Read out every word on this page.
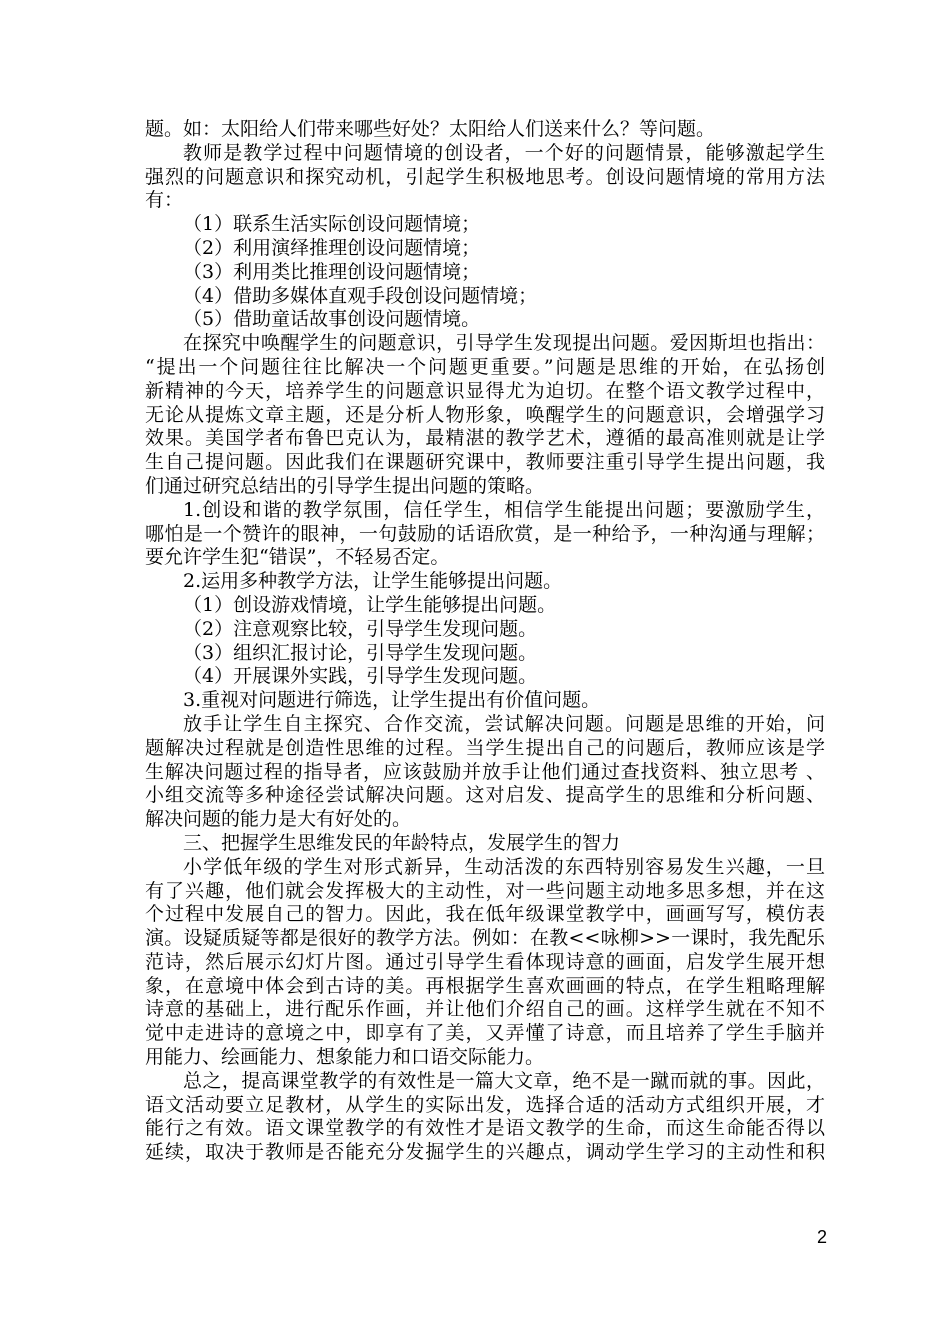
题。如：太阳给人们带来哪些好处？太阳给人们送来什么？等问题。
教师是教学过程中问题情境的创设者，一个好的问题情景，能够激起学生
强烈的问题意识和探究动机，引起学生积极地思考。创设问题情境的常用方法
有：
（1）联系生活实际创设问题情境；
（2）利用演绎推理创设问题情境；
（3）利用类比推理创设问题情境；
（4）借助多媒体直观手段创设问题情境；
（5）借助童话故事创设问题情境。
在探究中唤醒学生的问题意识，引导学生发现提出问题。爱因斯坦也指出：
“提出一个问题往往比解决一个问题更重要。”问题是思维的开始，在弘扬创
新精神的今天，培养学生的问题意识显得尤为迫切。在整个语文教学过程中，
无论从提炼文章主题，还是分析人物形象，唤醒学生的问题意识，会增强学习
效果。美国学者布鲁巴克认为，最精湛的教学艺术，遵循的最高准则就是让学
生自己提问题。因此我们在课题研究课中，教师要注重引导学生提出问题，我
们通过研究总结出的引导学生提出问题的策略。
1.创设和谐的教学氛围，信任学生，相信学生能提出问题；要激励学生，
哪怕是一个赞许的眼神，一句鼓励的话语欣赏，是一种给予，一种沟通与理解；
要允许学生犯“错误”，不轻易否定。
2.运用多种教学方法，让学生能够提出问题。
（1）创设游戏情境，让学生能够提出问题。
（2）注意观察比较，引导学生发现问题。
（3）组织汇报讨论，引导学生发现问题。
（4）开展课外实践，引导学生发现问题。
3.重视对问题进行筛选，让学生提出有价值问题。
放手让学生自主探究、合作交流，尝试解决问题。问题是思维的开始，问
题解决过程就是创造性思维的过程。当学生提出自己的问题后，教师应该是学
生解决问题过程的指导者，应该鼓励并放手让他们通过查找资料、独立思考 、
小组交流等多种途径尝试解决问题。这对启发、提高学生的思维和分析问题、
解决问题的能力是大有好处的。
三、把握学生思维发民的年龄特点，发展学生的智力
小学低年级的学生对形式新异，生动活泼的东西特别容易发生兴趣，一旦
有了兴趣，他们就会发挥极大的主动性，对一些问题主动地多思多想，并在这
个过程中发展自己的智力。因此，我在低年级课堂教学中，画画写写，模仿表
演。设疑质疑等都是很好的教学方法。例如：在教<<咏柳>>一课时，我先配乐
范诗，然后展示幻灯片图。通过引导学生看体现诗意的画面，启发学生展开想
象，在意境中体会到古诗的美。再根据学生喜欢画画的特点，在学生粗略理解
诗意的基础上，进行配乐作画，并让他们介绍自己的画。这样学生就在不知不
觉中走进诗的意境之中，即享有了美，又弄懂了诗意，而且培养了学生手脑并
用能力、绘画能力、想象能力和口语交际能力。
总之，提高课堂教学的有效性是一篇大文章，绝不是一蹴而就的事。因此，
语文活动要立足教材，从学生的实际出发，选择合适的活动方式组织开展，才
能行之有效。语文课堂教学的有效性才是语文教学的生命，而这生命能否得以
延续，取决于教师是否能充分发掘学生的兴趣点，调动学生学习的主动性和积
2
